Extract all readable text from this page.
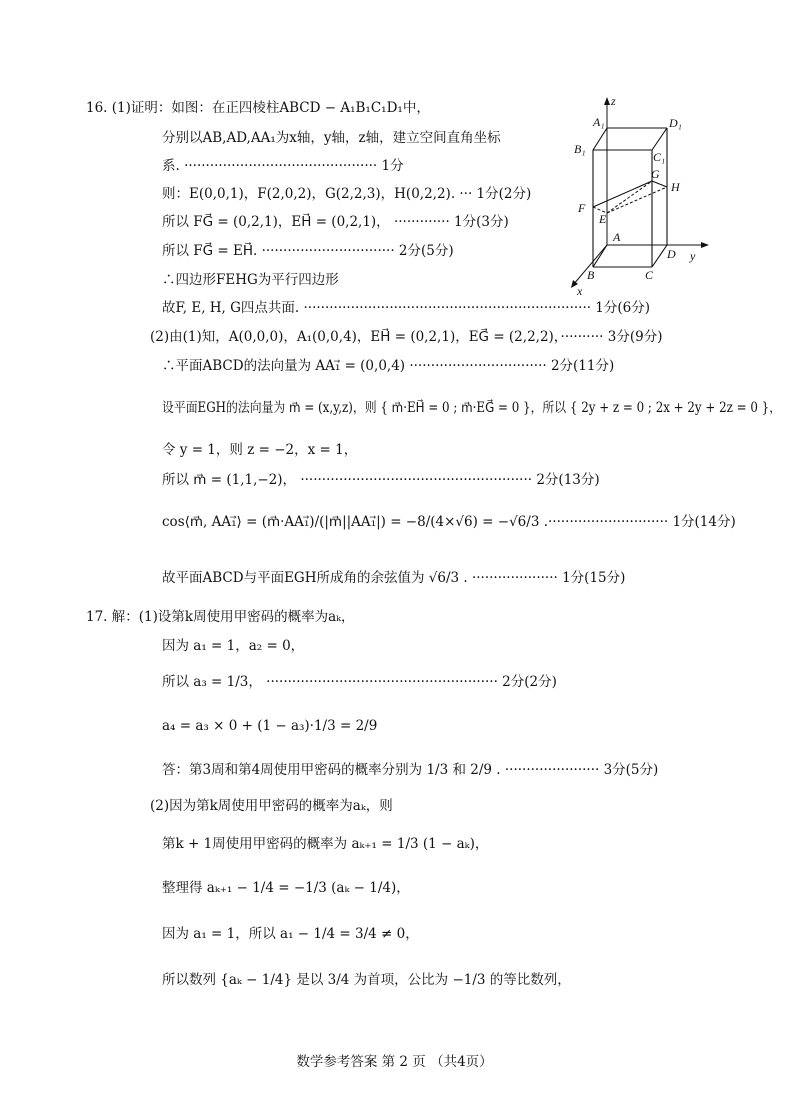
16. (1)证明：如图：在正四棱柱ABCD − A₁B₁C₁D₁中，
分别以AB,AD,AA₁为x轴，y轴，z轴，建立空间直角坐标
系. ············································· 1分
则：E(0,0,1)，F(2,0,2)，G(2,2,3)，H(0,2,2). ··· 1分(2分)
所以 FG⃗ = (0,2,1)，EH⃗ = (0,2,1)， ············· 1分(3分)
所以 FG⃗ = EH⃗. ······························· 2分(5分)
∴四边形FEHG为平行四边形
故F, E, H, G四点共面. ··································································· 1分(6分)
(2)由(1)知，A(0,0,0)，A₁(0,0,4)，EH⃗ = (0,2,1)，EG⃗ = (2,2,2)，·········· 3分(9分)
∴平面ABCD的法向量为 AA₁⃗ = (0,0,4) ································ 2分(11分)
设平面EGH的法向量为 m⃗ = (x,y,z)，则 { m⃗·EH⃗ = 0 ; m⃗·EG⃗ = 0 }，所以 { 2y + z = 0 ; 2x + 2y + 2z = 0 }，
令 y = 1，则 z = −2，x = 1，
所以 m⃗ = (1,1,−2)， ······················································ 2分(13分)
cos⟨m⃗, AA₁⃗⟩ = (m⃗·AA₁⃗)/(|m⃗||AA₁⃗|) = −8/(4×√6) = −√6/3 .···························· 1分(14分)
故平面ABCD与平面EGH所成角的余弦值为 √6/3 . ···················· 1分(15分)
17. 解：(1)设第k周使用甲密码的概率为aₖ，
因为 a₁ = 1，a₂ = 0，
所以 a₃ = 1/3， ······················································ 2分(2分)
a₄ = a₃ × 0 + (1 − a₃)·1/3 = 2/9
答：第3周和第4周使用甲密码的概率分别为 1/3 和 2/9 . ······················ 3分(5分)
(2)因为第k周使用甲密码的概率为aₖ，则
第k + 1周使用甲密码的概率为 aₖ₊₁ = 1/3 (1 − aₖ)，
整理得 aₖ₊₁ − 1/4 = −1/3 (aₖ − 1/4)，
因为 a₁ = 1，所以 a₁ − 1/4 = 3/4 ≠ 0，
所以数列 {aₖ − 1/4} 是以 3/4 为首项，公比为 −1/3 的等比数列，
z
A₁	D₁
B₁
C₁
G
H
F
E
A
B	C
D y
x
数学参考答案 第 2 页 （共4页）
